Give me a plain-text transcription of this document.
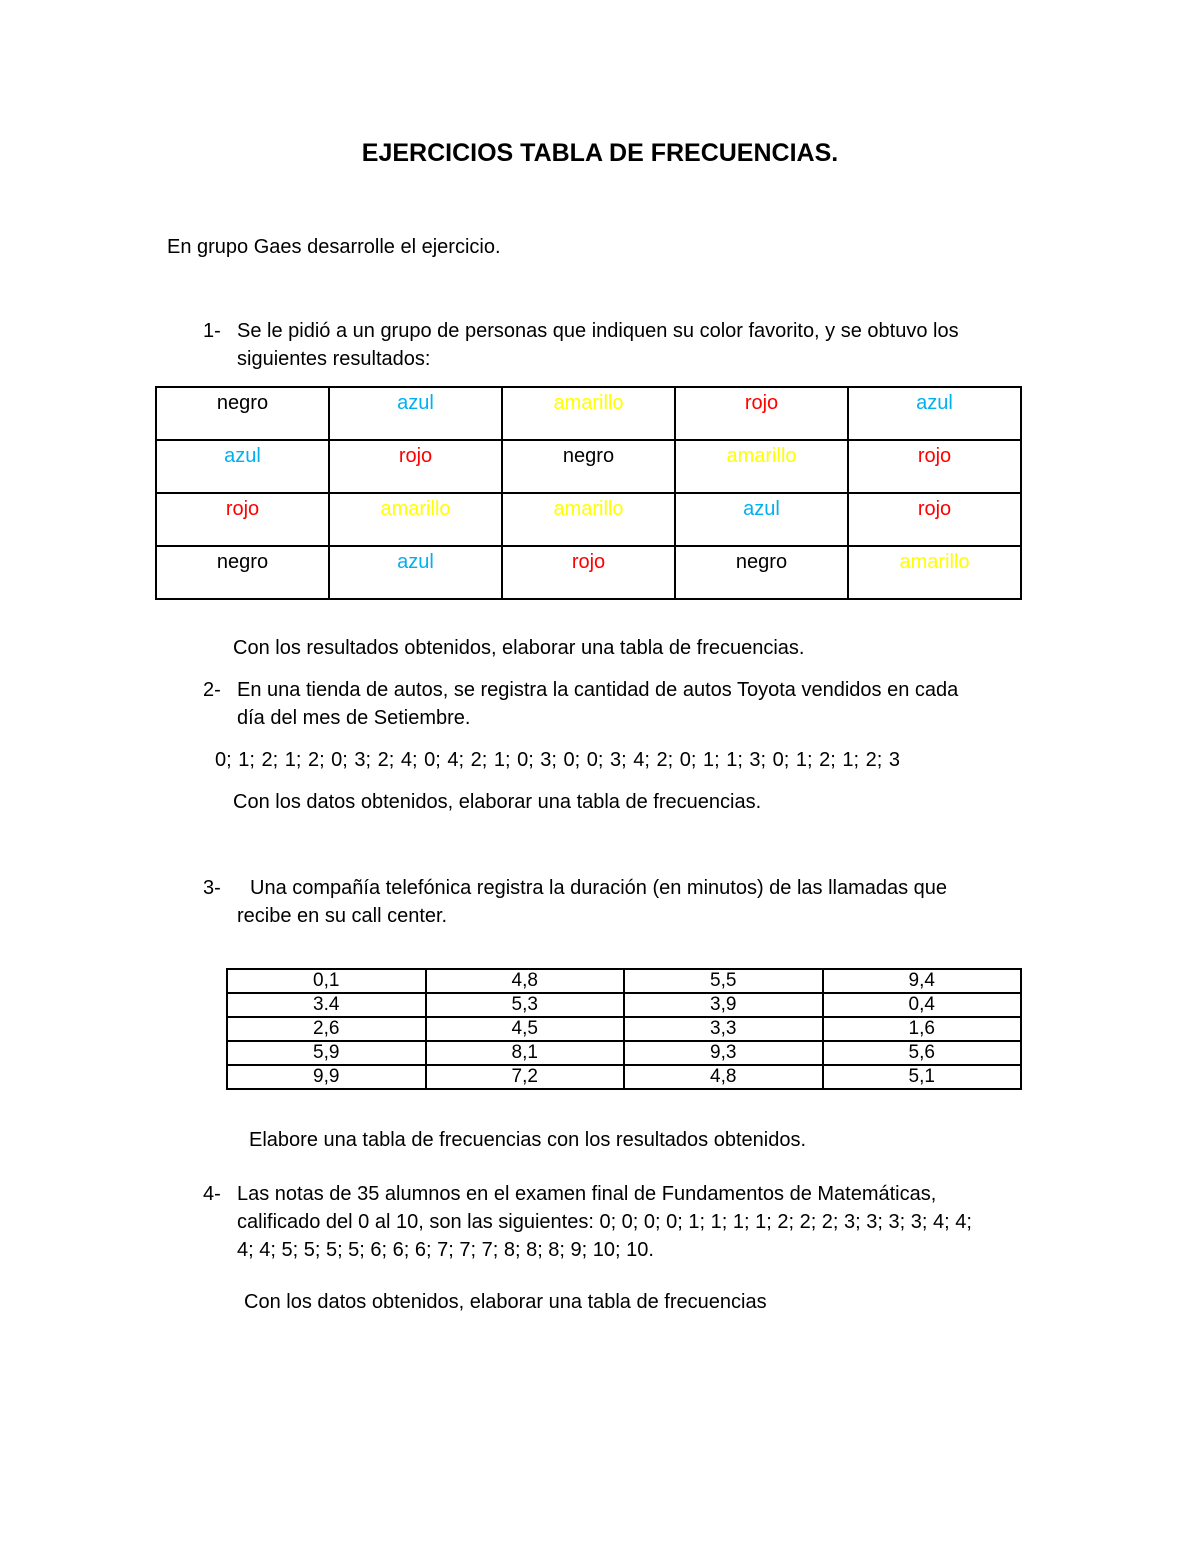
EJERCICIOS TABLA DE FRECUENCIAS.
En grupo Gaes desarrolle el ejercicio.
1- Se le pidió a un grupo de personas que indiquen su color favorito, y se obtuvo los
siguientes resultados:
negro	azul	amarillo	rojo	azul
azul	rojo	negro	amarillo	rojo
rojo	amarillo	amarillo	azul	rojo
negro	azul	rojo	negro	amarillo
Con los resultados obtenidos, elaborar una tabla de frecuencias.
2- En una tienda de autos, se registra la cantidad de autos Toyota vendidos en cada
día del mes de Setiembre.
0; 1; 2; 1; 2; 0; 3; 2; 4; 0; 4; 2; 1; 0; 3; 0; 0; 3; 4; 2; 0; 1; 1; 3; 0; 1; 2; 1; 2; 3
Con los datos obtenidos, elaborar una tabla de frecuencias.
3-	Una compañía telefónica registra la duración (en minutos) de las llamadas que
recibe en su call center.
0,1	4,8	5,5	9,4
3.4	5,3	3,9	0,4
2,6	4,5	3,3	1,6
5,9	8,1	9,3	5,6
9,9	7,2	4,8	5,1
Elabore una tabla de frecuencias con los resultados obtenidos.
4- Las notas de 35 alumnos en el examen final de Fundamentos de Matemáticas,
calificado del 0 al 10, son las siguientes: 0; 0; 0; 0; 1; 1; 1; 1; 2; 2; 2; 3; 3; 3; 3; 4; 4;
4; 4; 5; 5; 5; 5; 6; 6; 6; 7; 7; 7; 8; 8; 8; 9; 10; 10.
Con los datos obtenidos, elaborar una tabla de frecuencias
